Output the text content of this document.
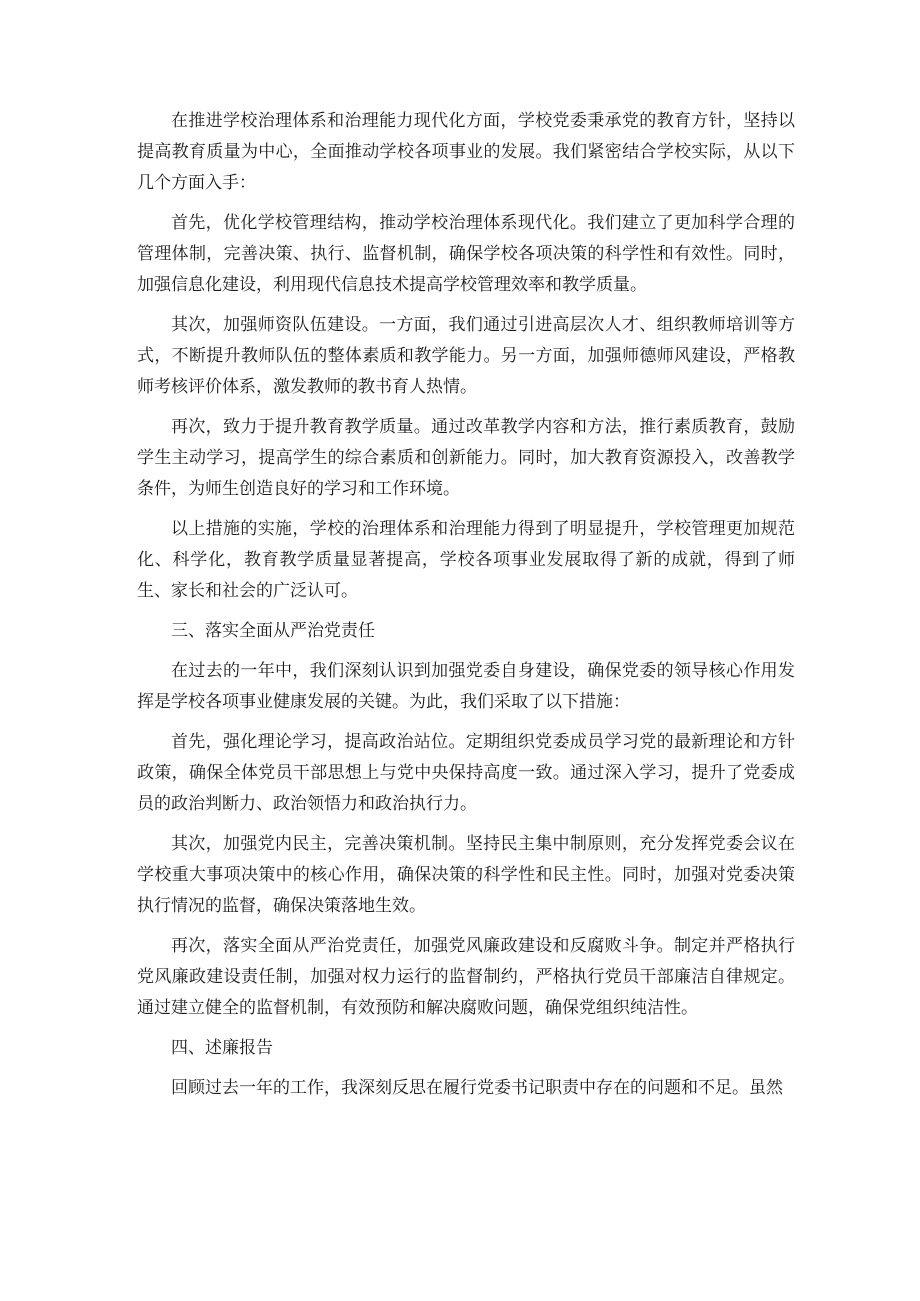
在推进学校治理体系和治理能力现代化方面，学校党委秉承党的教育方针，坚持以提高教育质量为中心，全面推动学校各项事业的发展。我们紧密结合学校实际，从以下几个方面入手：

首先，优化学校管理结构，推动学校治理体系现代化。我们建立了更加科学合理的管理体制，完善决策、执行、监督机制，确保学校各项决策的科学性和有效性。同时，加强信息化建设，利用现代信息技术提高学校管理效率和教学质量。

其次，加强师资队伍建设。一方面，我们通过引进高层次人才、组织教师培训等方式，不断提升教师队伍的整体素质和教学能力。另一方面，加强师德师风建设，严格教师考核评价体系，激发教师的教书育人热情。

再次，致力于提升教育教学质量。通过改革教学内容和方法，推行素质教育，鼓励学生主动学习，提高学生的综合素质和创新能力。同时，加大教育资源投入，改善教学条件，为师生创造良好的学习和工作环境。

以上措施的实施，学校的治理体系和治理能力得到了明显提升，学校管理更加规范化、科学化，教育教学质量显著提高，学校各项事业发展取得了新的成就，得到了师生、家长和社会的广泛认可。

三、落实全面从严治党责任

在过去的一年中，我们深刻认识到加强党委自身建设，确保党委的领导核心作用发挥是学校各项事业健康发展的关键。为此，我们采取了以下措施：

首先，强化理论学习，提高政治站位。定期组织党委成员学习党的最新理论和方针政策，确保全体党员干部思想上与党中央保持高度一致。通过深入学习，提升了党委成员的政治判断力、政治领悟力和政治执行力。

其次，加强党内民主，完善决策机制。坚持民主集中制原则，充分发挥党委会议在学校重大事项决策中的核心作用，确保决策的科学性和民主性。同时，加强对党委决策执行情况的监督，确保决策落地生效。

再次，落实全面从严治党责任，加强党风廉政建设和反腐败斗争。制定并严格执行党风廉政建设责任制，加强对权力运行的监督制约，严格执行党员干部廉洁自律规定。通过建立健全的监督机制，有效预防和解决腐败问题，确保党组织纯洁性。

四、述廉报告

回顾过去一年的工作，我深刻反思在履行党委书记职责中存在的问题和不足。虽然
